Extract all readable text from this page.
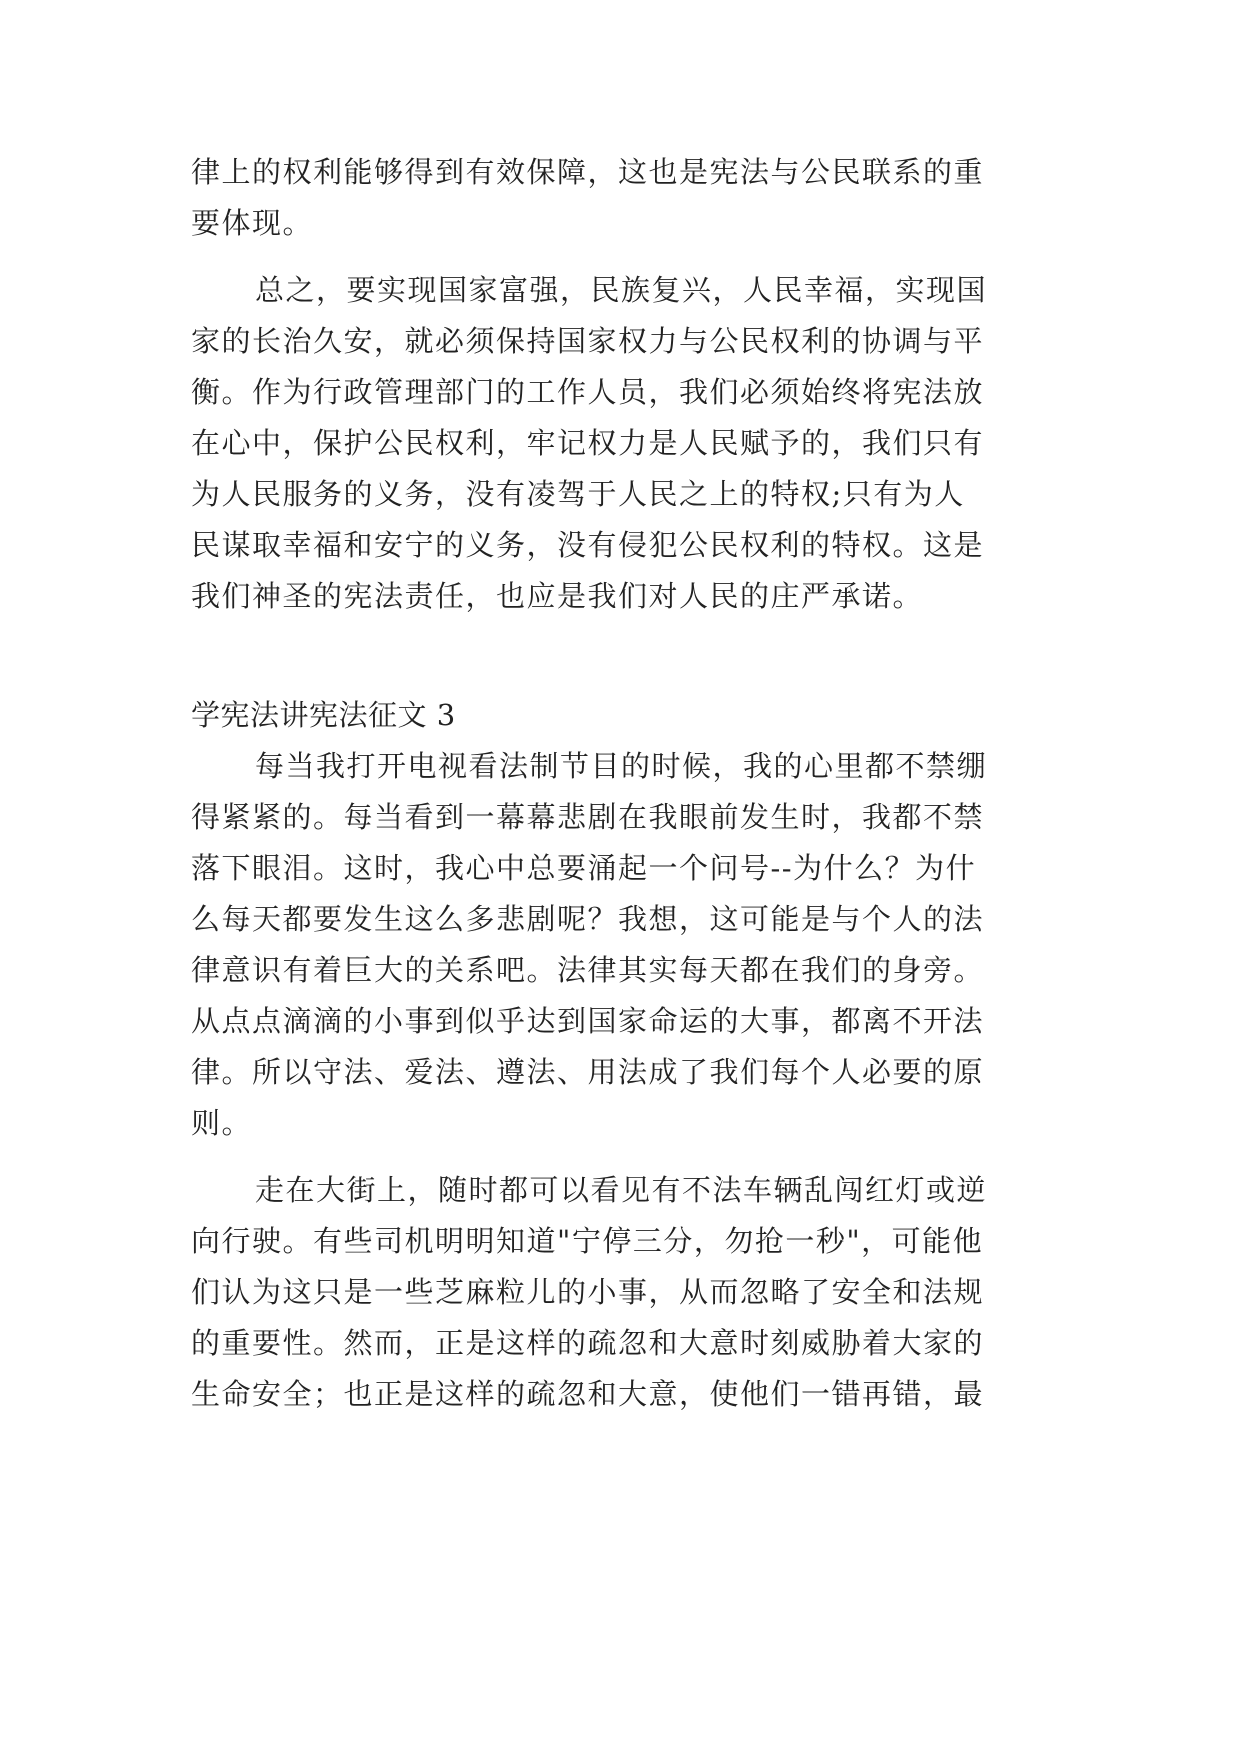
律上的权利能够得到有效保障，这也是宪法与公民联系的重
要体现。
总之，要实现国家富强，民族复兴，人民幸福，实现国
家的长治久安，就必须保持国家权力与公民权利的协调与平
衡。作为行政管理部门的工作人员，我们必须始终将宪法放
在心中，保护公民权利，牢记权力是人民赋予的，我们只有
为人民服务的义务，没有凌驾于人民之上的特权;只有为人
民谋取幸福和安宁的义务，没有侵犯公民权利的特权。这是
我们神圣的宪法责任，也应是我们对人民的庄严承诺。
学宪法讲宪法征文 3
每当我打开电视看法制节目的时候，我的心里都不禁绷
得紧紧的。每当看到一幕幕悲剧在我眼前发生时，我都不禁
落下眼泪。这时，我心中总要涌起一个问号--为什么？为什
么每天都要发生这么多悲剧呢？我想，这可能是与个人的法
律意识有着巨大的关系吧。法律其实每天都在我们的身旁。
从点点滴滴的小事到似乎达到国家命运的大事，都离不开法
律。所以守法、爱法、遵法、用法成了我们每个人必要的原
则。
走在大街上，随时都可以看见有不法车辆乱闯红灯或逆
向行驶。有些司机明明知道"宁停三分，勿抢一秒"，可能他
们认为这只是一些芝麻粒儿的小事，从而忽略了安全和法规
的重要性。然而，正是这样的疏忽和大意时刻威胁着大家的
生命安全；也正是这样的疏忽和大意，使他们一错再错，最
